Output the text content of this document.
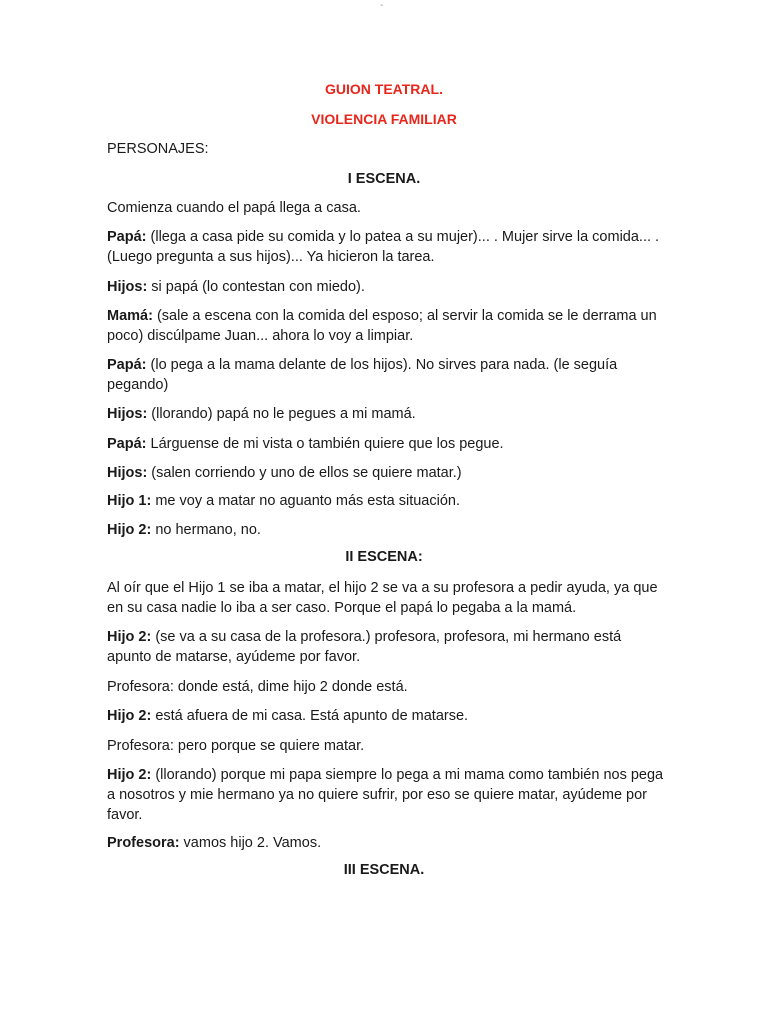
-
GUION TEATRAL.
VIOLENCIA FAMILIAR
PERSONAJES:
I ESCENA.
Comienza cuando el papá llega a casa.
Papá: (llega a casa pide su comida y lo patea a su mujer)... . Mujer sirve la comida... . (Luego pregunta a sus hijos)... Ya hicieron la tarea.
Hijos: si papá (lo contestan con miedo).
Mamá: (sale a escena con la comida del esposo; al servir la comida se le derrama un poco) discúlpame Juan... ahora lo voy a limpiar.
Papá: (lo pega a la mama delante de los hijos). No sirves para nada. (le seguía pegando)
Hijos: (llorando) papá no le pegues a mi mamá.
Papá: Lárguense de mi vista o también quiere que los pegue.
Hijos: (salen corriendo y uno de ellos se quiere matar.)
Hijo 1: me voy a matar no aguanto más esta situación.
Hijo 2: no hermano, no.
II ESCENA:
Al oír que el Hijo 1 se iba a matar, el hijo 2 se va a su profesora a pedir ayuda, ya que en su casa nadie lo iba a ser caso. Porque el papá lo pegaba a la mamá.
Hijo 2: (se va a su casa de la profesora.) profesora, profesora, mi hermano está apunto de matarse, ayúdeme por favor.
Profesora: donde está, dime hijo 2 donde está.
Hijo 2: está afuera de mi casa. Está apunto de matarse.
Profesora: pero porque se quiere matar.
Hijo 2: (llorando) porque mi papa siempre lo pega a mi mama como también nos pega a nosotros y mie hermano ya no quiere sufrir, por eso se quiere matar, ayúdeme por favor.
Profesora: vamos hijo 2. Vamos.
III ESCENA.
